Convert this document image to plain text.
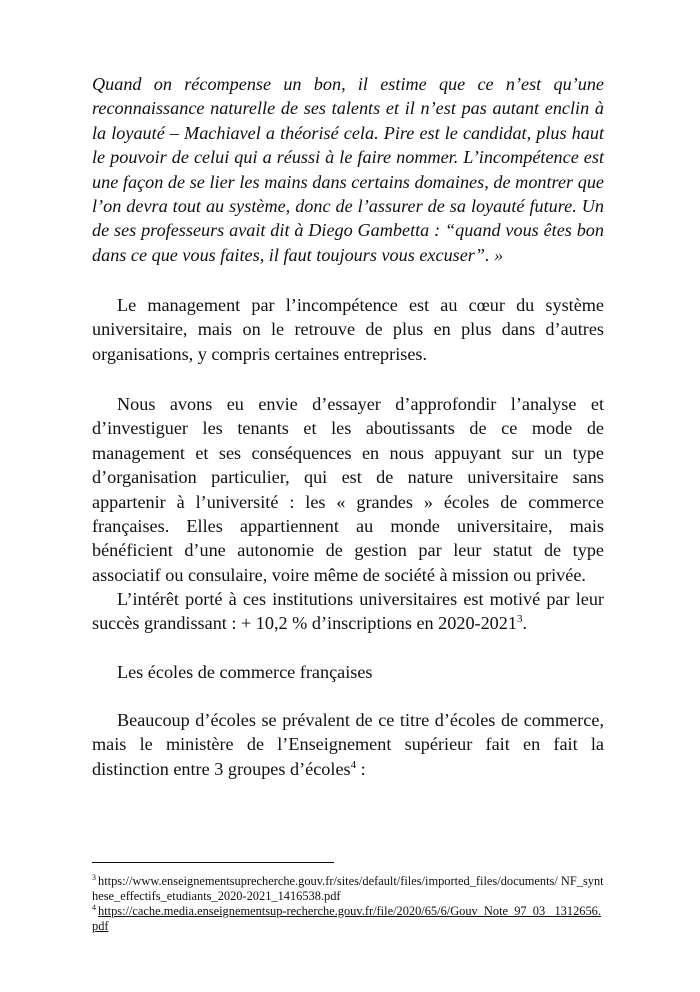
Quand on récompense un bon, il estime que ce n’est qu’une reconnaissance naturelle de ses talents et il n’est pas autant enclin à la loyauté – Machiavel a théorisé cela. Pire est le candidat, plus haut le pouvoir de celui qui a réussi à le faire nommer. L’incompétence est une façon de se lier les mains dans certains domaines, de montrer que l’on devra tout au système, donc de l’assurer de sa loyauté future. Un de ses professeurs avait dit à Diego Gambetta : “quand vous êtes bon dans ce que vous faites, il faut toujours vous excuser”. »

Le management par l’incompétence est au cœur du système universitaire, mais on le retrouve de plus en plus dans d’autres organisations, y compris certaines entreprises.

Nous avons eu envie d’essayer d’approfondir l’analyse et d’investiguer les tenants et les aboutissants de ce mode de management et ses conséquences en nous appuyant sur un type d’organisation particulier, qui est de nature universitaire sans appartenir à l’université : les « grandes » écoles de commerce françaises. Elles appartiennent au monde universitaire, mais bénéficient d’une autonomie de gestion par leur statut de type associatif ou consulaire, voire même de société à mission ou privée.

L’intérêt porté à ces institutions universitaires est motivé par leur succès grandissant : + 10,2 % d’inscriptions en 2020-2021$^3$.

Les écoles de commerce françaises

Beaucoup d’écoles se prévalent de ce titre d’écoles de commerce, mais le ministère de l’Enseignement supérieur fait en fait la distinction entre 3 groupes d’écoles$^4$ :

$^3$ https://www.enseignementsuprecherche.gouv.fr/sites/default/files/imported_files/documents/ NF_synthese_effectifs_etudiants_2020-2021_1416538.pdf

$^4$ https://cache.media.enseignementsup-recherche.gouv.fr/file/2020/65/6/Gouv_Note_97_03_ 1312656.pdf
